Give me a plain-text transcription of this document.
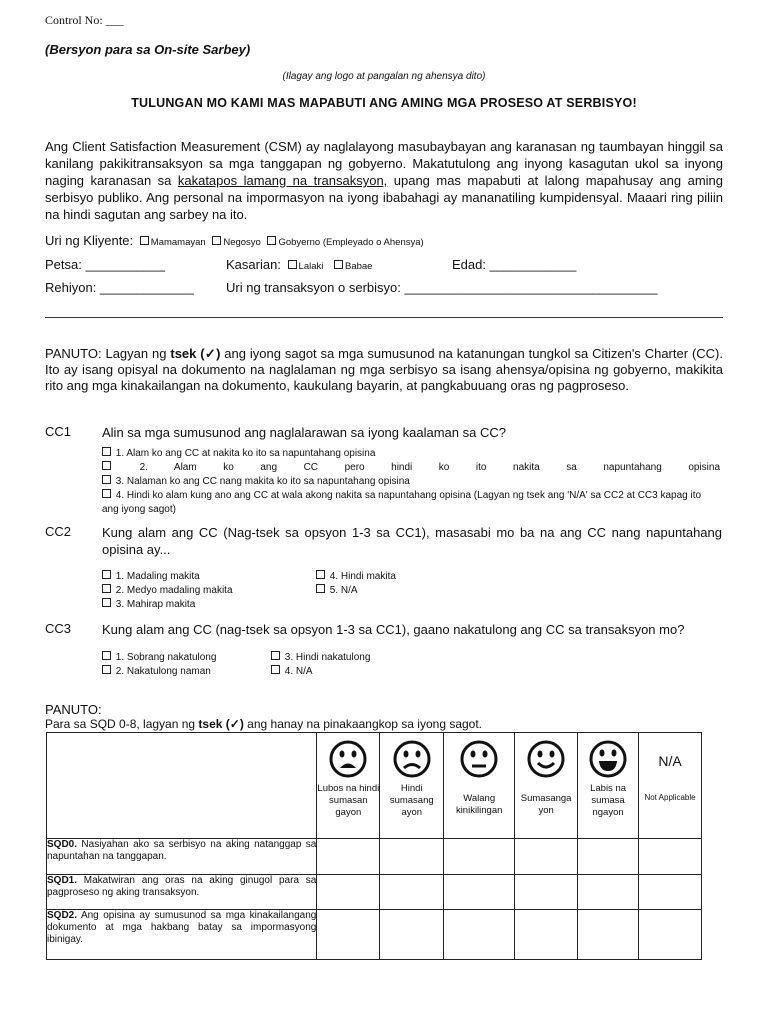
Control No: ___
(Bersyon para sa On-site Sarbey)
(Ilagay ang logo at pangalan ng ahensya dito)
TULUNGAN MO KAMI MAS MAPABUTI ANG AMING MGA PROSESO AT SERBISYO!
Ang Client Satisfaction Measurement (CSM) ay naglalayong masubaybayan ang karanasan ng taumbayan hinggil sa kanilang pakikitransaksyon sa mga tanggapan ng gobyerno. Makatutulong ang inyong kasagutan ukol sa inyong naging karanasan sa kakatapos lamang na transaksyon, upang mas mapabuti at lalong mapahusay ang aming serbisyo publiko. Ang personal na impormasyon na iyong ibabahagi ay mananatiling kumpidensyal. Maaari ring piliin na hindi sagutan ang sarbey na ito.
Uri ng Kliyente: Mamamayan Negosyo Gobyerno (Empleyado o Ahensya)
Petsa: ___________	Kasarian: Lalaki Babae	Edad: ____________
Rehiyon: _____________ Uri ng transaksyon o serbisyo: ___________________________________
PANUTO: Lagyan ng tsek (✓) ang iyong sagot sa mga sumusunod na katanungan tungkol sa Citizen's Charter (CC). Ito ay isang opisyal na dokumento na naglalaman ng mga serbisyo sa isang ahensya/opisina ng gobyerno, makikita rito ang mga kinakailangan na dokumento, kaukulang bayarin, at pangkabuuang oras ng pagproseso.
CC1 Alin sa mga sumusunod ang naglalarawan sa iyong kaalaman sa CC?
1. Alam ko ang CC at nakita ko ito sa napuntahang opisina
2. Alam ko ang CC pero hindi ko ito nakita sa napuntahang opisina
3. Nalaman ko ang CC nang makita ko ito sa napuntahang opisina
4. Hindi ko alam kung ano ang CC at wala akong nakita sa napuntahang opisina (Lagyan ng tsek ang 'N/A' sa CC2 at CC3 kapag ito ang iyong sagot)
CC2 Kung alam ang CC (Nag-tsek sa opsyon 1-3 sa CC1), masasabi mo ba na ang CC nang napuntahang opisina ay...
1. Madaling makita
2. Medyo madaling makita
3. Mahirap makita
4. Hindi makita
5. N/A
CC3 Kung alam ang CC (nag-tsek sa opsyon 1-3 sa CC1), gaano nakatulong ang CC sa transaksyon mo?
1. Sobrang nakatulong
2. Nakatulong naman
3. Hindi nakatulong
4. N/A
PANUTO:
Para sa SQD 0-8, lagyan ng tsek (✓) ang hanay na pinakaangkop sa iyong sagot.

	Lubos na hindi sumasan gayon	Hindi sumasang ayon	Walang kinikilingan	Sumasanga yon	Labis na sumasa ngayon	N/A
Not Applicable

SQD0. Nasiyahan ako sa serbisyo na aking natanggap sa napuntahan na tanggapan.						
SQD1. Makatwiran ang oras na aking ginugol para sa pagproseso ng aking transaksyon.						
SQD2. Ang opisina ay sumusunod sa mga kinakailangang dokumento at mga hakbang batay sa impormasyong ibinigay.						
